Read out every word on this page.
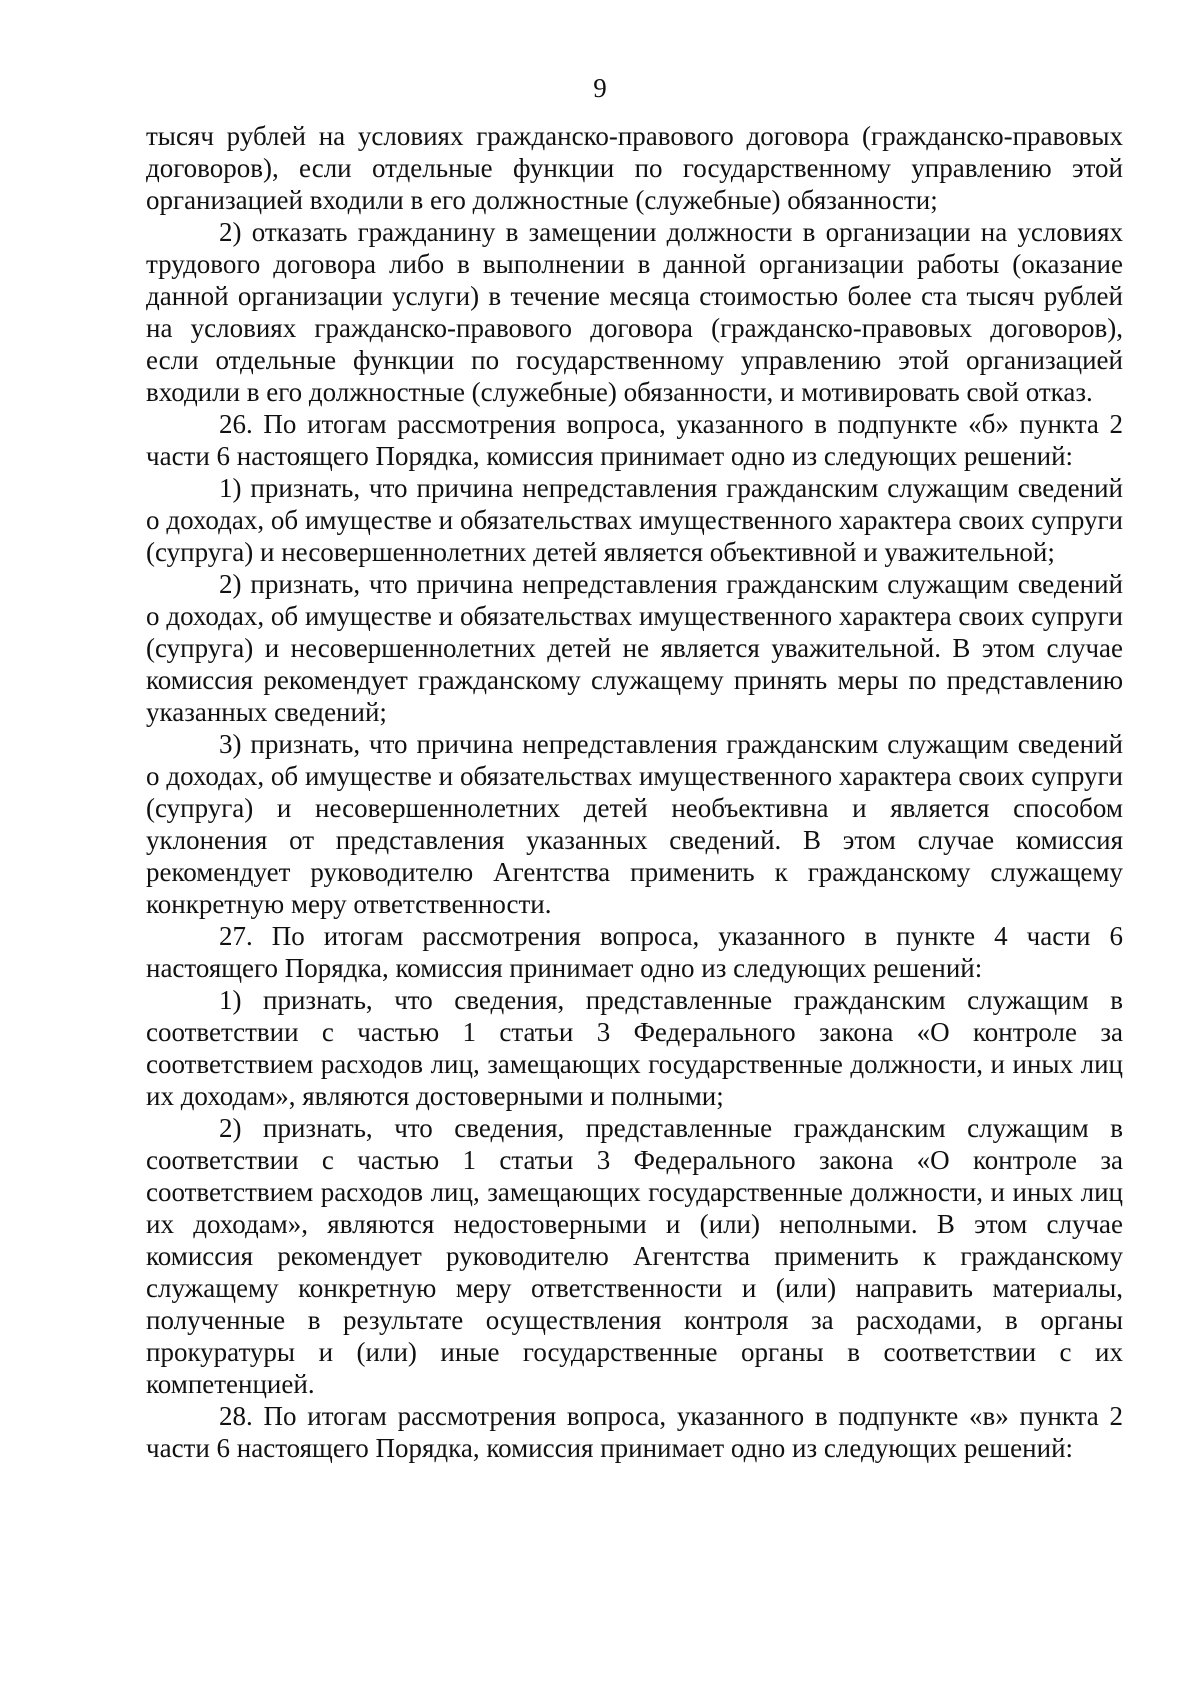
9

тысяч рублей на условиях гражданско-правового договора (гражданско-правовых договоров), если отдельные функции по государственному управлению этой организацией входили в его должностные (служебные) обязанности;

2) отказать гражданину в замещении должности в организации на условиях трудового договора либо в выполнении в данной организации работы (оказание данной организации услуги) в течение месяца стоимостью более ста тысяч рублей на условиях гражданско-правового договора (гражданско-правовых договоров), если отдельные функции по государственному управлению этой организацией входили в его должностные (служебные) обязанности, и мотивировать свой отказ.

26. По итогам рассмотрения вопроса, указанного в подпункте «б» пункта 2 части 6 настоящего Порядка, комиссия принимает одно из следующих решений:

1) признать, что причина непредставления гражданским служащим сведений о доходах, об имуществе и обязательствах имущественного характера своих супруги (супруга) и несовершеннолетних детей является объективной и уважительной;

2) признать, что причина непредставления гражданским служащим сведений о доходах, об имуществе и обязательствах имущественного характера своих супруги (супруга) и несовершеннолетних детей не является уважительной. В этом случае комиссия рекомендует гражданскому служащему принять меры по представлению указанных сведений;

3) признать, что причина непредставления гражданским служащим сведений о доходах, об имуществе и обязательствах имущественного характера своих супруги (супруга) и несовершеннолетних детей необъективна и является способом уклонения от представления указанных сведений. В этом случае комиссия рекомендует руководителю Агентства применить к гражданскому служащему конкретную меру ответственности.

27. По итогам рассмотрения вопроса, указанного в пункте 4 части 6 настоящего Порядка, комиссия принимает одно из следующих решений:

1) признать, что сведения, представленные гражданским служащим в соответствии с частью 1 статьи 3 Федерального закона «О контроле за соответствием расходов лиц, замещающих государственные должности, и иных лиц их доходам», являются достоверными и полными;

2) признать, что сведения, представленные гражданским служащим в соответствии с частью 1 статьи 3 Федерального закона «О контроле за соответствием расходов лиц, замещающих государственные должности, и иных лиц их доходам», являются недостоверными и (или) неполными. В этом случае комиссия рекомендует руководителю Агентства применить к гражданскому служащему конкретную меру ответственности и (или) направить материалы, полученные в результате осуществления контроля за расходами, в органы прокуратуры и (или) иные государственные органы в соответствии с их компетенцией.

28. По итогам рассмотрения вопроса, указанного в подпункте «в» пункта 2 части 6 настоящего Порядка, комиссия принимает одно из следующих решений:
